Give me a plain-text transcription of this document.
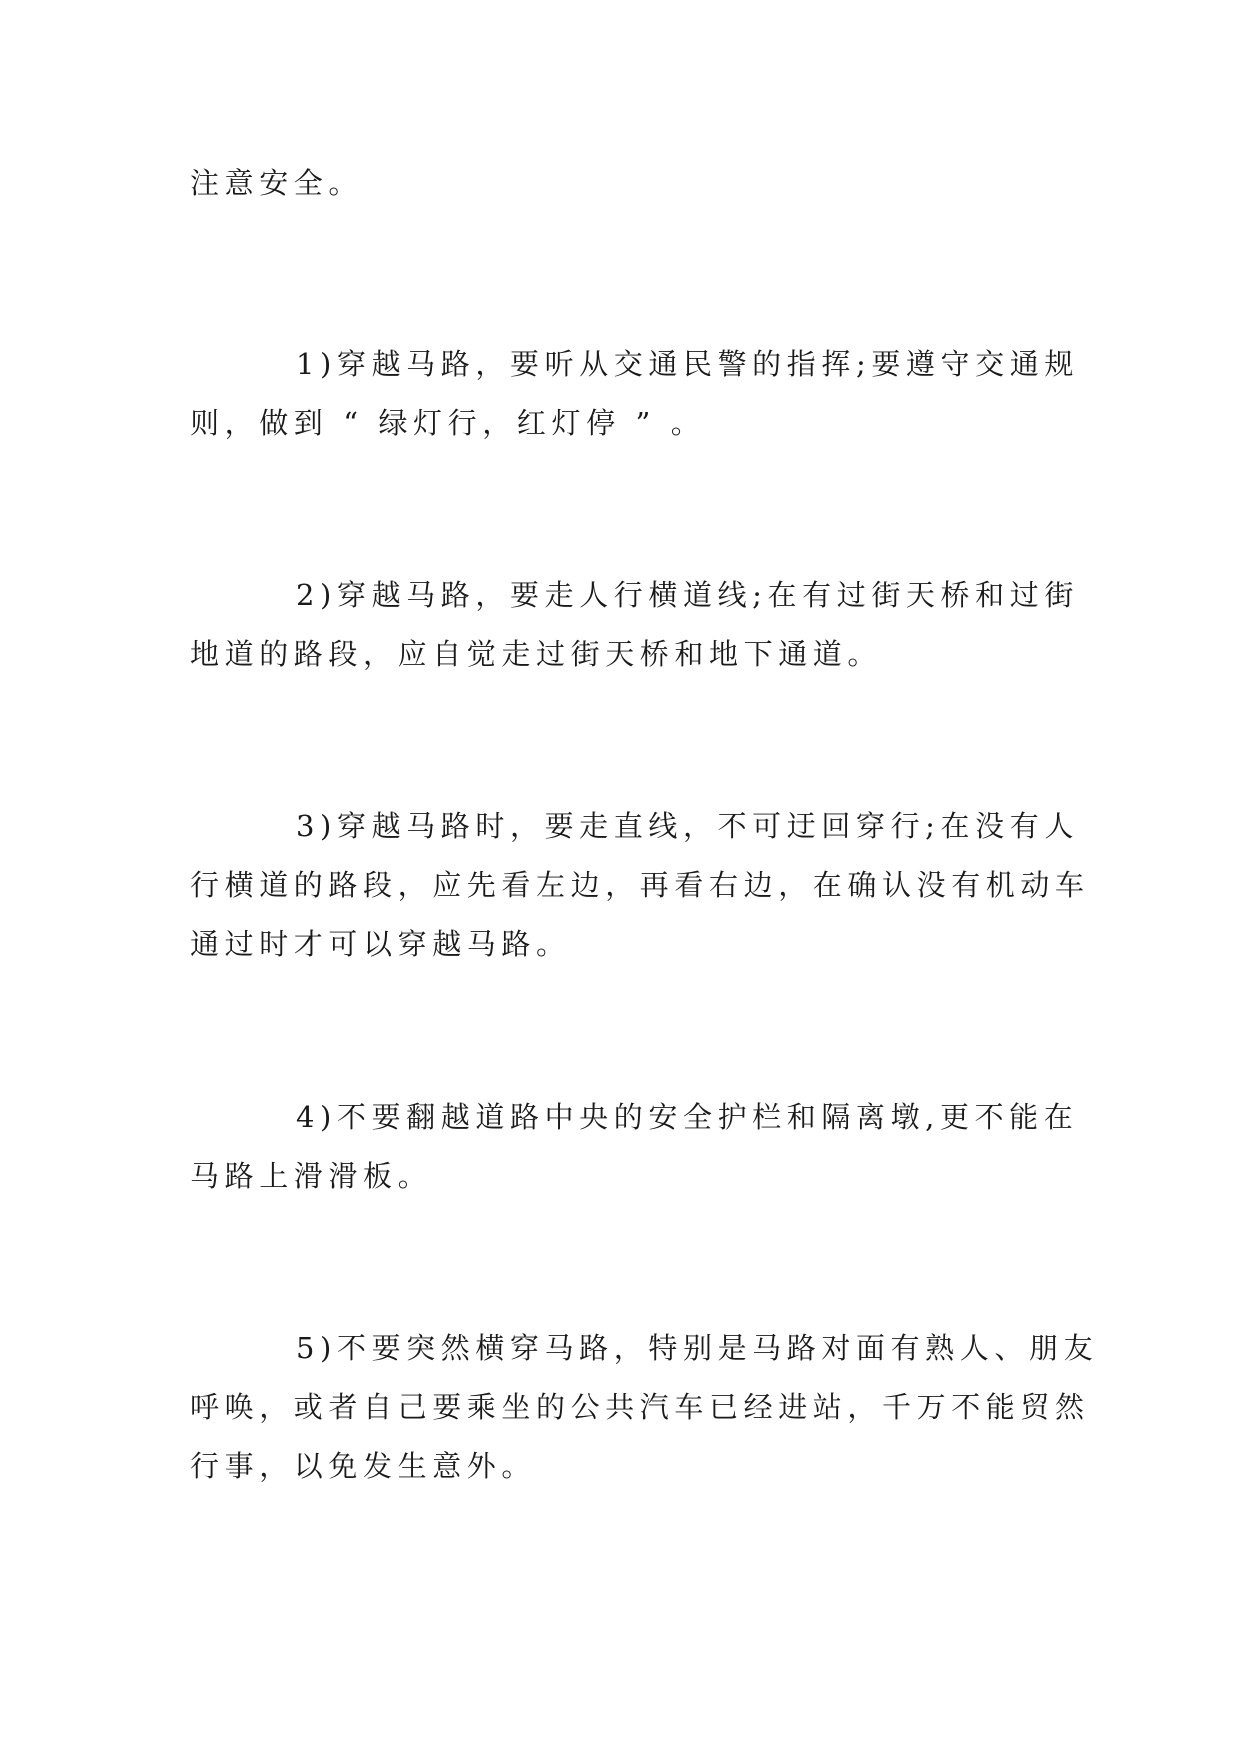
注意安全。

1)穿越马路，要听从交通民警的指挥;要遵守交通规
则，做到 “ 绿灯行，红灯停 ” 。

2)穿越马路，要走人行横道线;在有过街天桥和过街
地道的路段，应自觉走过街天桥和地下通道。

3)穿越马路时，要走直线，不可迂回穿行;在没有人
行横道的路段，应先看左边，再看右边，在确认没有机动车
通过时才可以穿越马路。

4)不要翻越道路中央的安全护栏和隔离墩,更不能在
马路上滑滑板。

5)不要突然横穿马路，特别是马路对面有熟人、朋友
呼唤，或者自己要乘坐的公共汽车已经进站，千万不能贸然
行事，以免发生意外。
